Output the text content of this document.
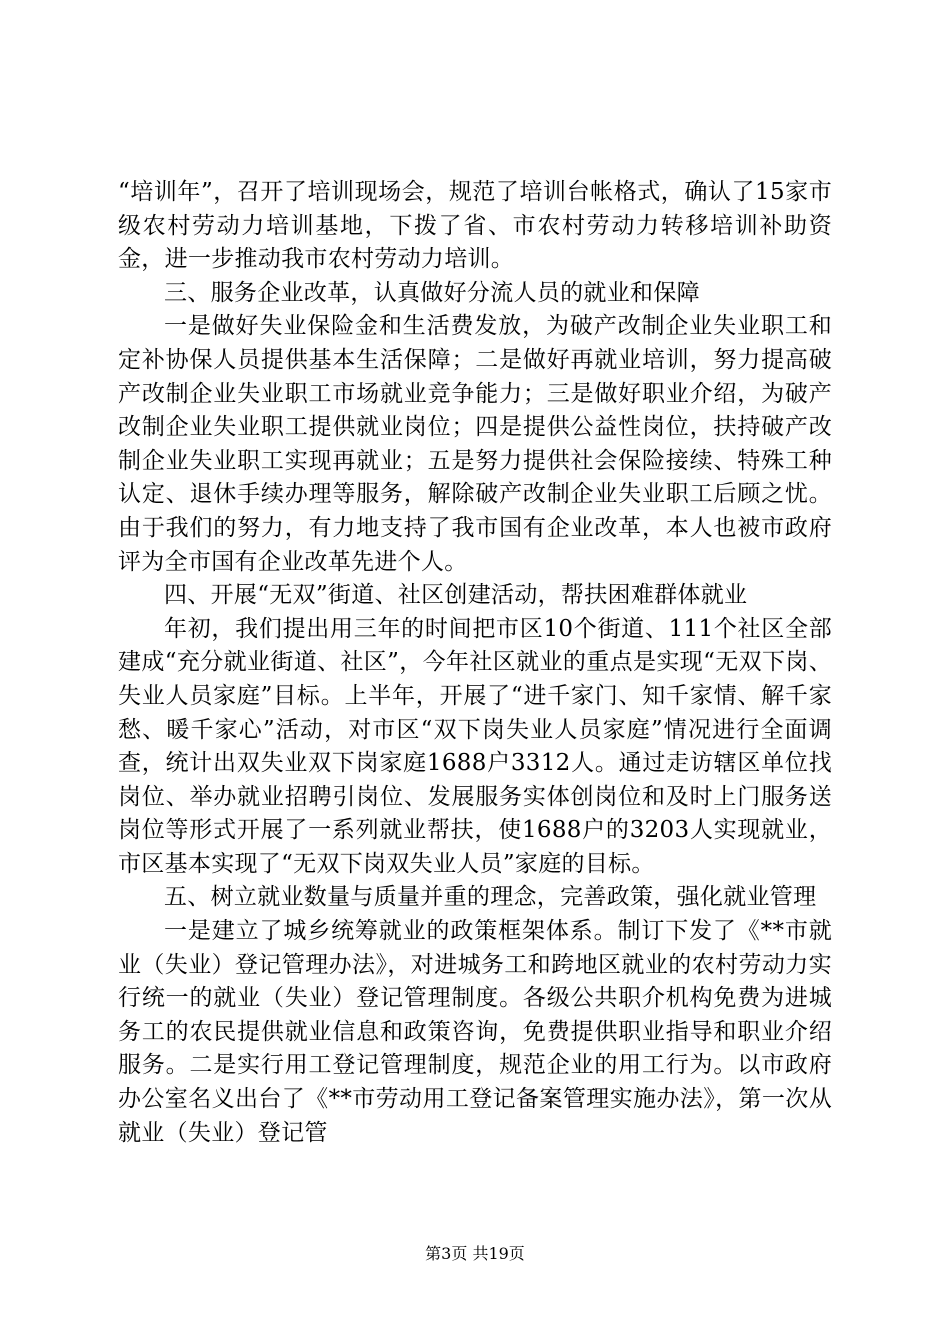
“培训年”，召开了培训现场会，规范了培训台帐格式，确认了15家市级农村劳动力培训基地，下拨了省、市农村劳动力转移培训补助资金，进一步推动我市农村劳动力培训。

三、服务企业改革，认真做好分流人员的就业和保障

一是做好失业保险金和生活费发放，为破产改制企业失业职工和定补协保人员提供基本生活保障；二是做好再就业培训，努力提高破产改制企业失业职工市场就业竞争能力；三是做好职业介绍，为破产改制企业失业职工提供就业岗位；四是提供公益性岗位，扶持破产改制企业失业职工实现再就业；五是努力提供社会保险接续、特殊工种认定、退休手续办理等服务，解除破产改制企业失业职工后顾之忧。由于我们的努力，有力地支持了我市国有企业改革，本人也被市政府评为全市国有企业改革先进个人。

四、开展“无双”街道、社区创建活动，帮扶困难群体就业

年初，我们提出用三年的时间把市区10个街道、111个社区全部建成“充分就业街道、社区”，今年社区就业的重点是实现“无双下岗、失业人员家庭”目标。上半年，开展了“进千家门、知千家情、解千家愁、暖千家心”活动，对市区“双下岗失业人员家庭”情况进行全面调查，统计出双失业双下岗家庭1688户3312人。通过走访辖区单位找岗位、举办就业招聘引岗位、发展服务实体创岗位和及时上门服务送岗位等形式开展了一系列就业帮扶，使1688户的3203人实现就业，市区基本实现了“无双下岗双失业人员”家庭的目标。

五、树立就业数量与质量并重的理念，完善政策，强化就业管理

一是建立了城乡统筹就业的政策框架体系。制订下发了《**市就业（失业）登记管理办法》，对进城务工和跨地区就业的农村劳动力实行统一的就业（失业）登记管理制度。各级公共职介机构免费为进城务工的农民提供就业信息和政策咨询，免费提供职业指导和职业介绍服务。二是实行用工登记管理制度，规范企业的用工行为。以市政府办公室名义出台了《**市劳动用工登记备案管理实施办法》，第一次从就业（失业）登记管

第3页 共19页
